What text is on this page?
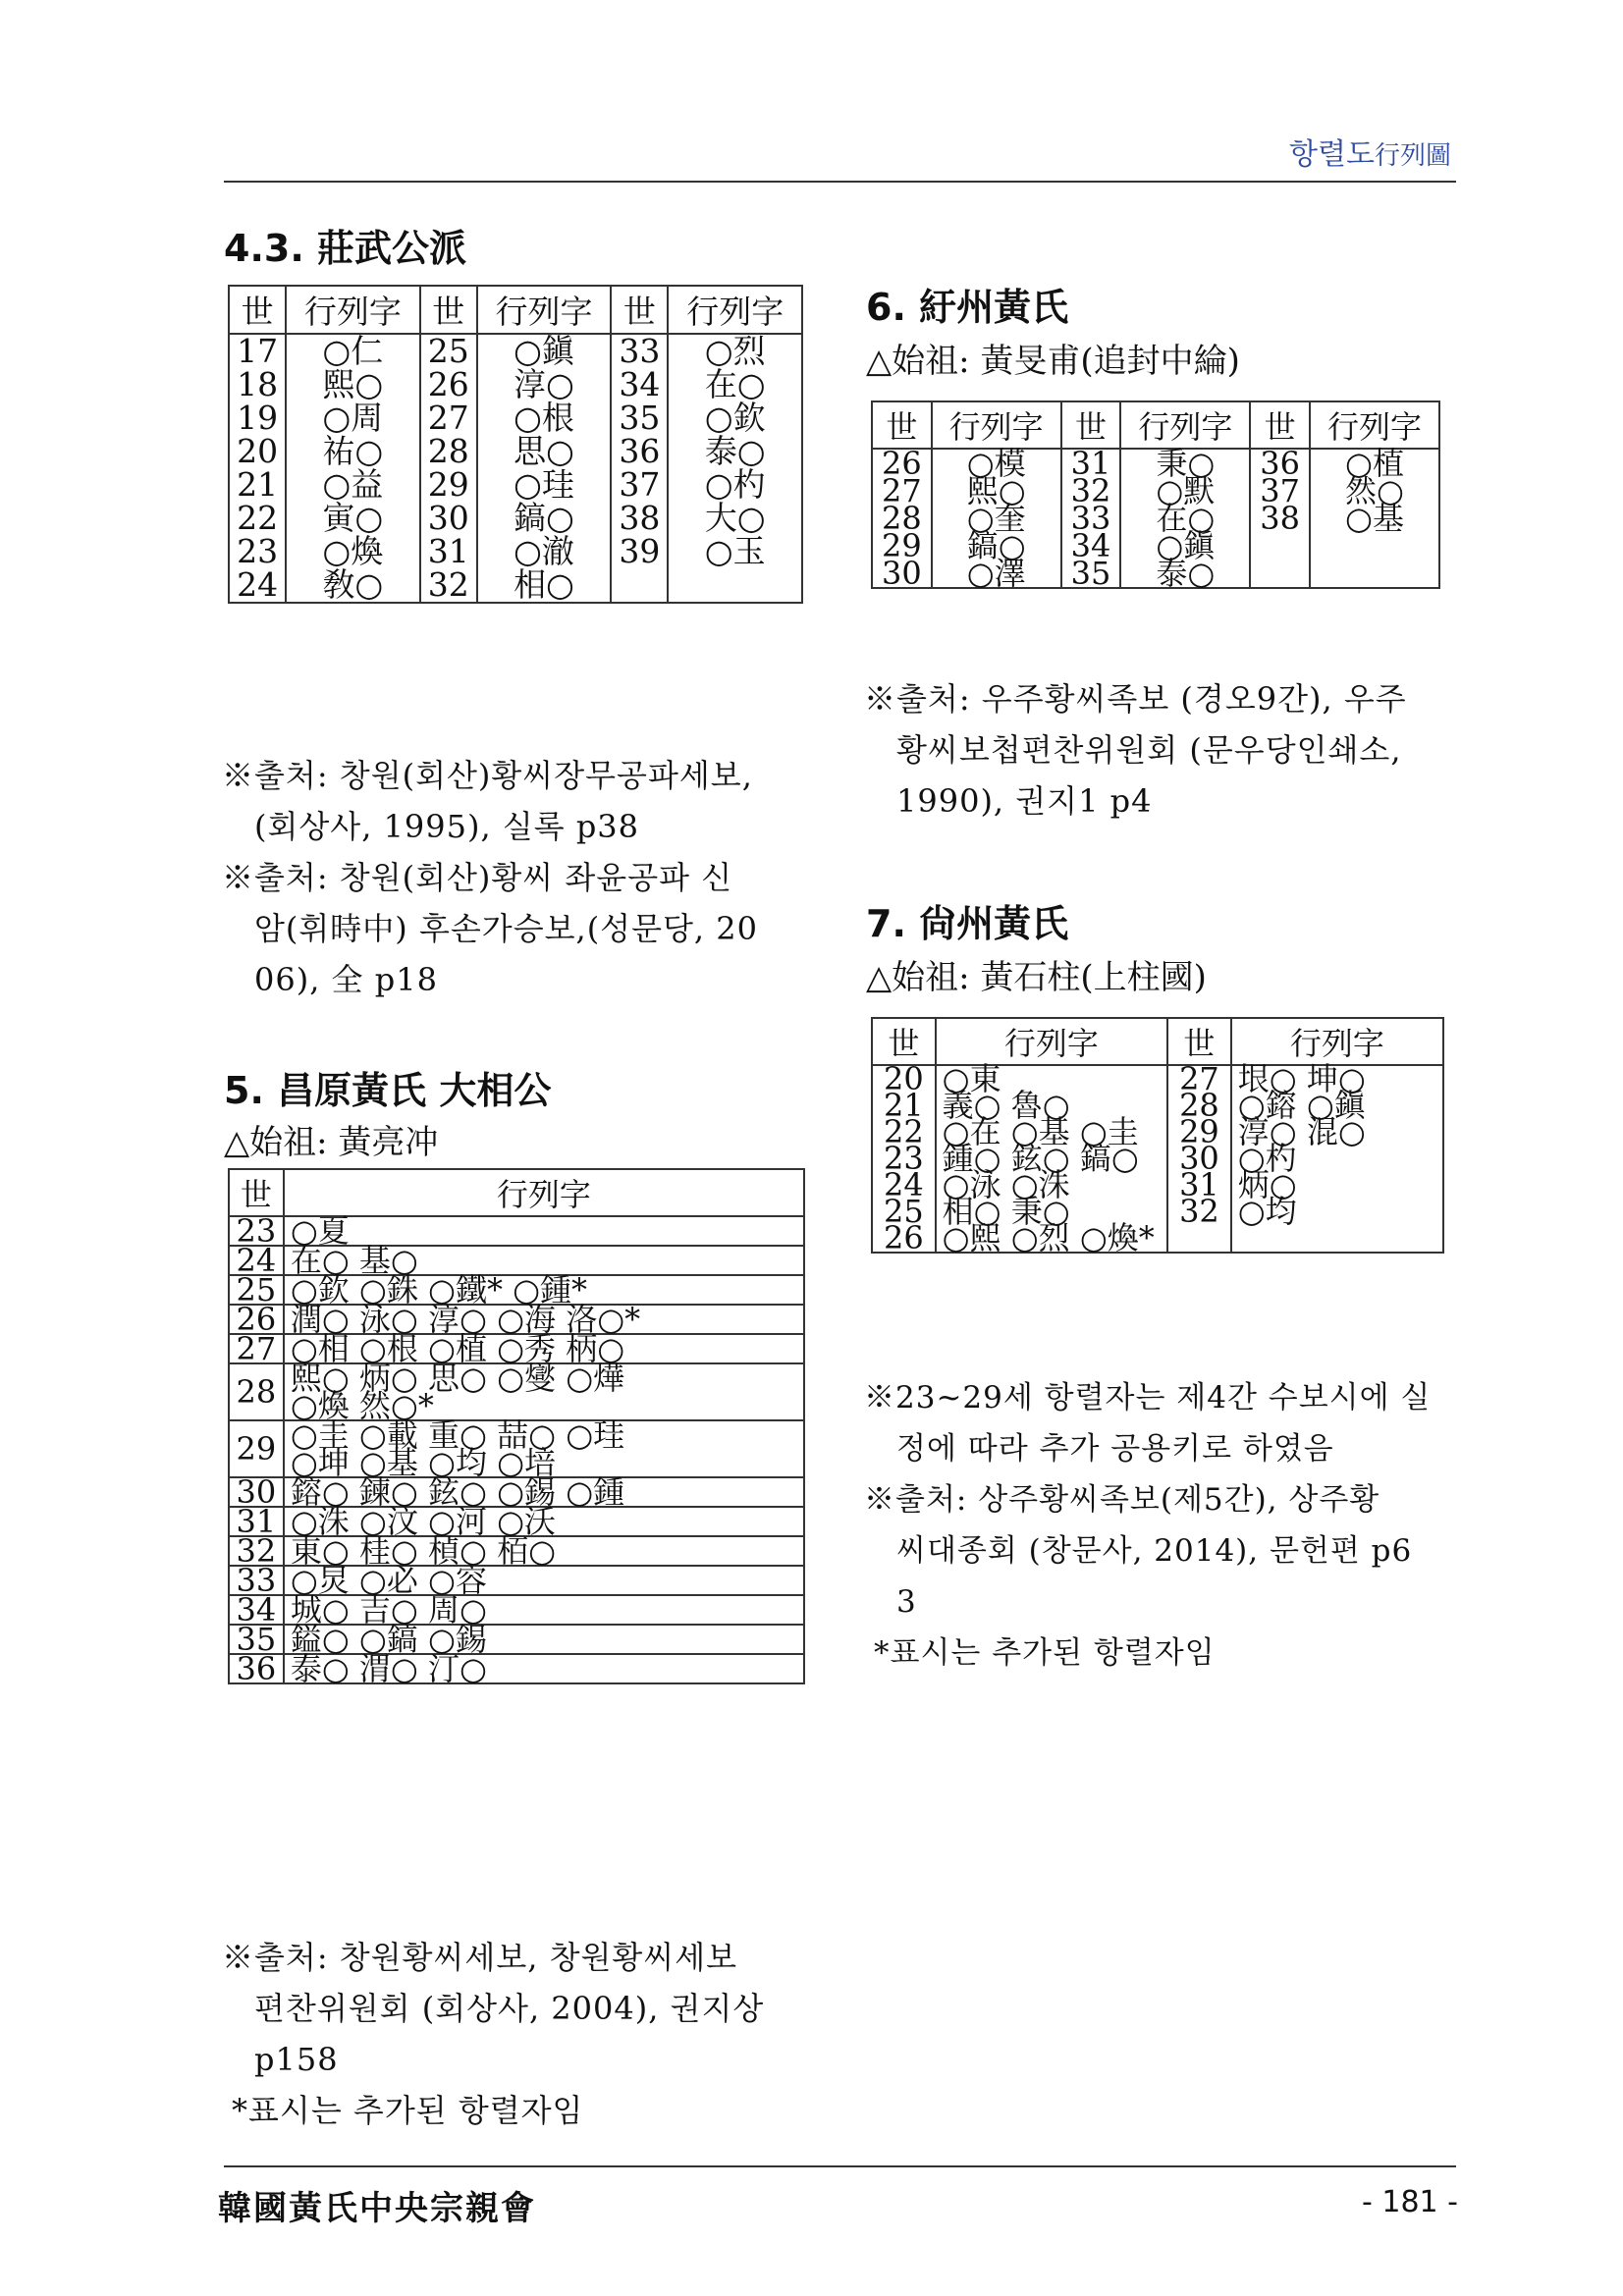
항렬도行列圖
4.3. 莊武公派
世	行列字	世	行列字	世	行列字
17	○仁	25	○鎭	33	○烈
18	熙○	26	淳○	34	在○
19	○周	27	○根	35	○欽
20	祐○	28	思○	36	泰○
21	○益	29	○珪	37	○杓
22	寅○	30	鎬○	38	大○
23	○煥	31	○澈	39	○玉
24	敎○	32	相○		
※출처: 창원(회산)황씨장무공파세보,
(회상사, 1995), 실록 p38
※출처: 창원(회산)황씨 좌윤공파 신
암(휘時中) 후손가승보,(성문당, 20
06), 全 p18
5. 昌原黃氏 大相公
△始祖: 黃亮冲
世	行列字
23	○夏
24	在○ 基○
25	○欽 ○銖 ○鐵* ○鍾*
26	潤○ 泳○ 淳○ ○海 洛○*
27	○相 ○根 ○植 ○秀 柄○
28	熙○ 炳○ 思○ ○燮 ○燁
○煥 然○*
29	○圭 ○載 重○ 喆○ ○珪
○坤 ○基 ○均 ○培
30	鎔○ 鍊○ 鉉○ ○錫 ○鍾
31	○洙 ○汶 ○河 ○沃
32	東○ 桂○ 楨○ 栢○
33	○炅 ○必 ○容
34	城○ 吉○ 周○
35	鎰○ ○鎬 ○錫
36	泰○ 渭○ 汀○
※출처: 창원황씨세보, 창원황씨세보
편찬위원회 (회상사, 2004), 권지상
p158
*표시는 추가된 항렬자임
6. 紆州黃氏
△始祖: 黃旻甫(追封中綸)
世	行列字	世	行列字	世	行列字
26	○模	31	秉○	36	○植
27	熙○	32	○默	37	然○
28	○奎	33	在○	38	○基
29	鎬○	34	○鎭		
30	○澤	35	泰○		
※출처: 우주황씨족보 (경오9간), 우주
황씨보첩편찬위원회 (문우당인쇄소,
1990), 권지1 p4
7. 尙州黃氏
△始祖: 黃石柱(上柱國)
世	行列字	世	行列字
20	○東	27	垠○ 坤○
21	義○ 魯○	28	○鎔 ○鎭
22	○在 ○基 ○圭	29	淳○ 混○
23	鍾○ 鉉○ 鎬○	30	○杓
24	○泳 ○洙	31	炳○
25	相○ 秉○	32	○均
26	○熙 ○烈 ○煥*		
※23~29세 항렬자는 제4간 수보시에 실
정에 따라 추가 공용키로 하였음
※출처: 상주황씨족보(제5간), 상주황
씨대종회 (창문사, 2014), 문헌편 p6
3
*표시는 추가된 항렬자임
韓國黃氏中央宗親會	- 181 -
